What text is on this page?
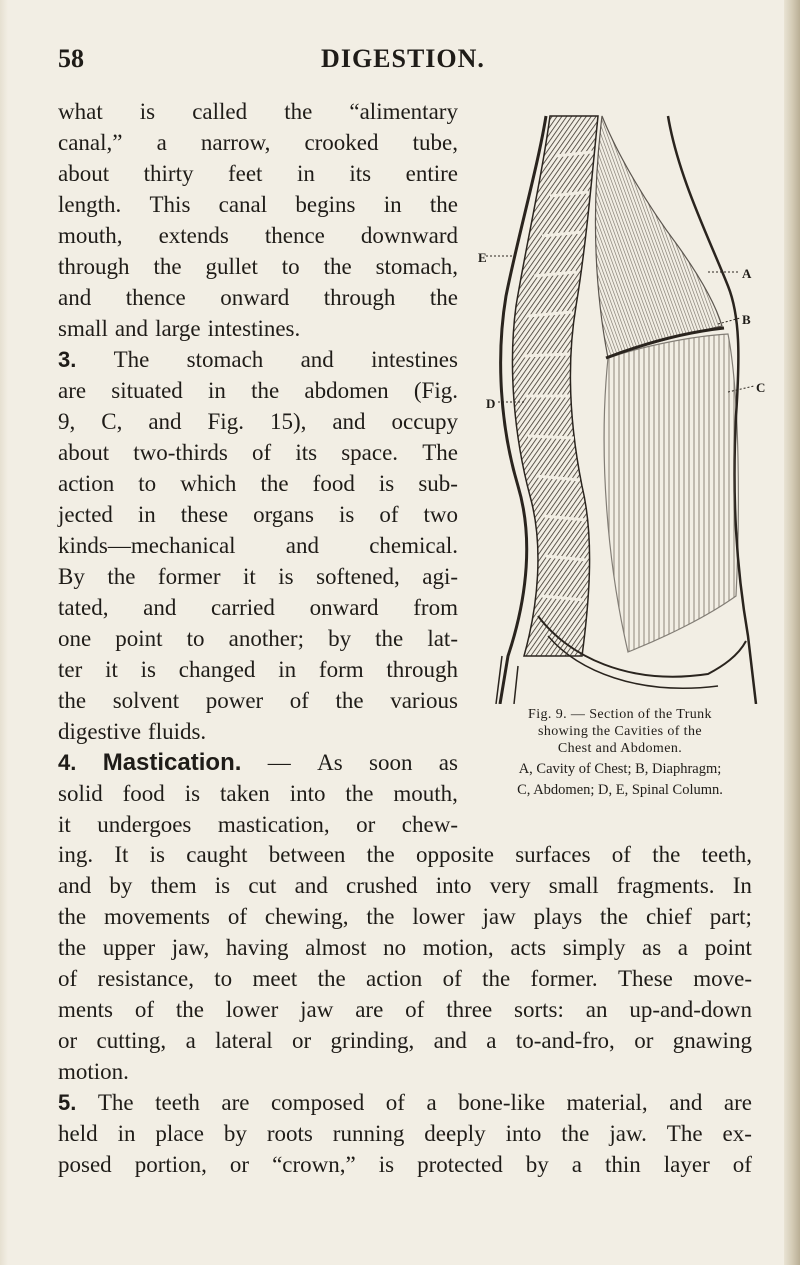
58	DIGESTION.
what is called the “alimentary
canal,” a narrow, crooked tube,
about thirty feet in its entire
length. This canal begins in the
mouth, extends thence downward
through the gullet to the stomach,
and thence onward through the
small and large intestines.
3. The stomach and intestines
are situated in the abdomen (Fig.
9, C, and Fig. 15), and occupy
about two-thirds of its space. The
action to which the food is sub-
jected in these organs is of two
kinds—mechanical and chemical.
By the former it is softened, agi-
tated, and carried onward from
one point to another; by the lat-
ter it is changed in form through
the solvent power of the various
digestive fluids.
4. Mastication. — As soon as
solid food is taken into the mouth,
it undergoes mastication, or chew-
E
A
B
D
C
Fig. 9. — Section of the Trunk
showing the Cavities of the
Chest and Abdomen.
A, Cavity of Chest; B, Diaphragm;
C, Abdomen; D, E, Spinal Column.
ing. It is caught between the opposite surfaces of the teeth,
and by them is cut and crushed into very small fragments. In
the movements of chewing, the lower jaw plays the chief part;
the upper jaw, having almost no motion, acts simply as a point
of resistance, to meet the action of the former. These move-
ments of the lower jaw are of three sorts: an up-and-down
or cutting, a lateral or grinding, and a to-and-fro, or gnawing
motion.
5. The teeth are composed of a bone-like material, and are
held in place by roots running deeply into the jaw. The ex-
posed portion, or “crown,” is protected by a thin layer of
